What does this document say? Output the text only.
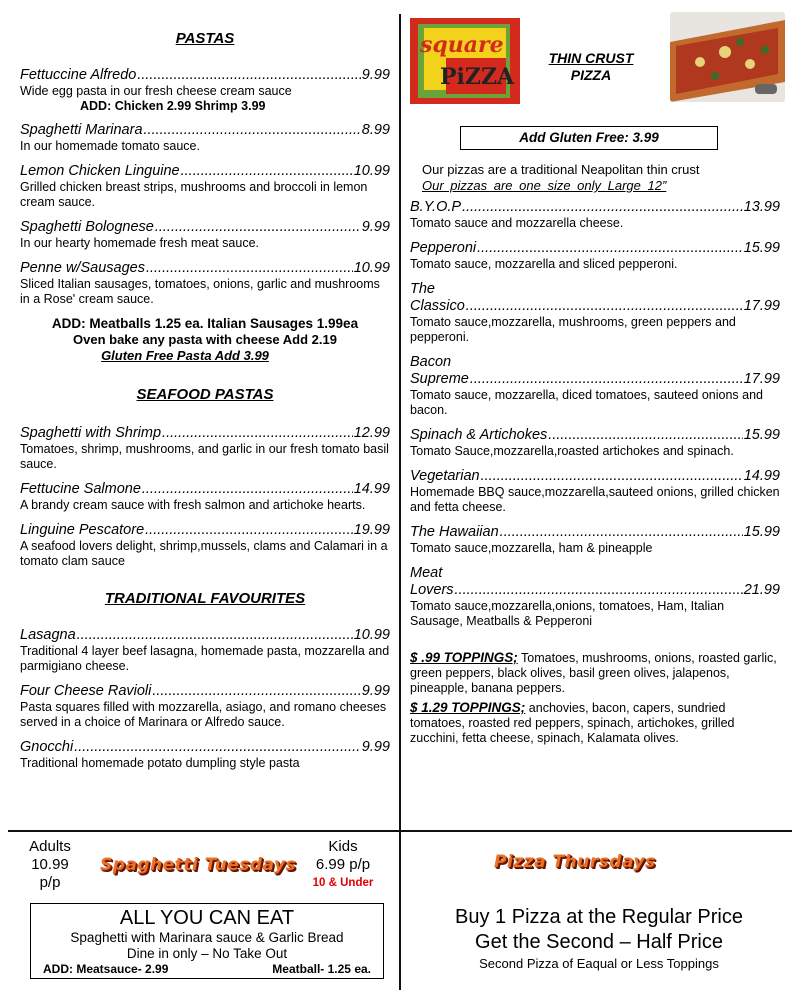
PASTAS
Fettuccine Alfredo .....	9.99
Wide egg pasta in our fresh cheese cream sauce
ADD: Chicken 2.99 Shrimp 3.99
Spaghetti Marinara .....	8.99
In our homemade tomato sauce.
Lemon Chicken Linguine .....	10.99
Grilled chicken breast strips, mushrooms and broccoli in lemon cream sauce.
Spaghetti Bolognese .....	9.99
In our hearty homemade fresh meat sauce.
Penne w/Sausages .....	10.99
Sliced Italian sausages, tomatoes, onions, garlic and mushrooms in a Rose' cream sauce.
ADD: Meatballs 1.25 ea. Italian Sausages 1.99ea
Oven bake any pasta with cheese Add 2.19
Gluten Free Pasta Add 3.99
SEAFOOD PASTAS
Spaghetti with Shrimp .....	12.99
Tomatoes, shrimp, mushrooms, and garlic in our fresh tomato basil sauce.
Fettucine Salmone .....	14.99
A brandy cream sauce with fresh salmon and artichoke hearts.
Linguine Pescatore .....	19.99
A seafood lovers delight, shrimp,mussels, clams and Calamari in a tomato clam sauce
TRADITIONAL FAVOURITES
Lasagna .....	10.99
Traditional 4 layer beef lasagna, homemade pasta, mozzarella and parmigiano cheese.
Four Cheese Ravioli .....	9.99
Pasta squares filled with mozzarella, asiago, and romano cheeses served in a choice of Marinara or Alfredo sauce.
Gnocchi .....	9.99
Traditional homemade potato dumpling style pasta
square
PiZZA
THIN CRUST
PIZZA
Add Gluten Free: 3.99
Our pizzas are a traditional Neapolitan thin crust
Our pizzas are one size only Large 12”
B.Y.O.P .....	13.99
Tomato sauce and mozzarella cheese.
Pepperoni .....	15.99
Tomato sauce, mozzarella and sliced pepperoni.
The
Classico .....	17.99
Tomato sauce,mozzarella, mushrooms, green peppers and pepperoni.
Bacon
Supreme .....	17.99
Tomato sauce, mozzarella, diced tomatoes, sauteed onions and bacon.
Spinach & Artichokes .....	15.99
Tomato Sauce,mozzarella,roasted artichokes and spinach.
Vegetarian .....	14.99
Homemade BBQ sauce,mozzarella,sauteed onions, grilled chicken and fetta cheese.
The Hawaiian .....	15.99
Tomato sauce,mozzarella, ham & pineapple
Meat
Lovers .....	21.99
Tomato sauce,mozzarella,onions, tomatoes, Ham, Italian Sausage, Meatballs & Pepperoni
$ .99 TOPPINGS; Tomatoes, mushrooms, onions, roasted garlic, green peppers, black olives, basil green olives, jalapenos, pineapple, banana peppers.
$ 1.29 TOPPINGS; anchovies, bacon, capers, sundried tomatoes, roasted red peppers, spinach, artichokes, grilled zucchini, fetta cheese, spinach, Kalamata olives.
Adults
10.99
p/p
Spaghetti Tuesdays
Kids
6.99 p/p
10 & Under
ALL YOU CAN EAT
Spaghetti with Marinara sauce & Garlic Bread
Dine in only – No Take Out
ADD: Meatsauce- 2.99	Meatball- 1.25 ea.
Pizza Thursdays
Buy 1 Pizza at the Regular Price
Get the Second – Half Price
Second Pizza of Eaqual or Less Toppings
